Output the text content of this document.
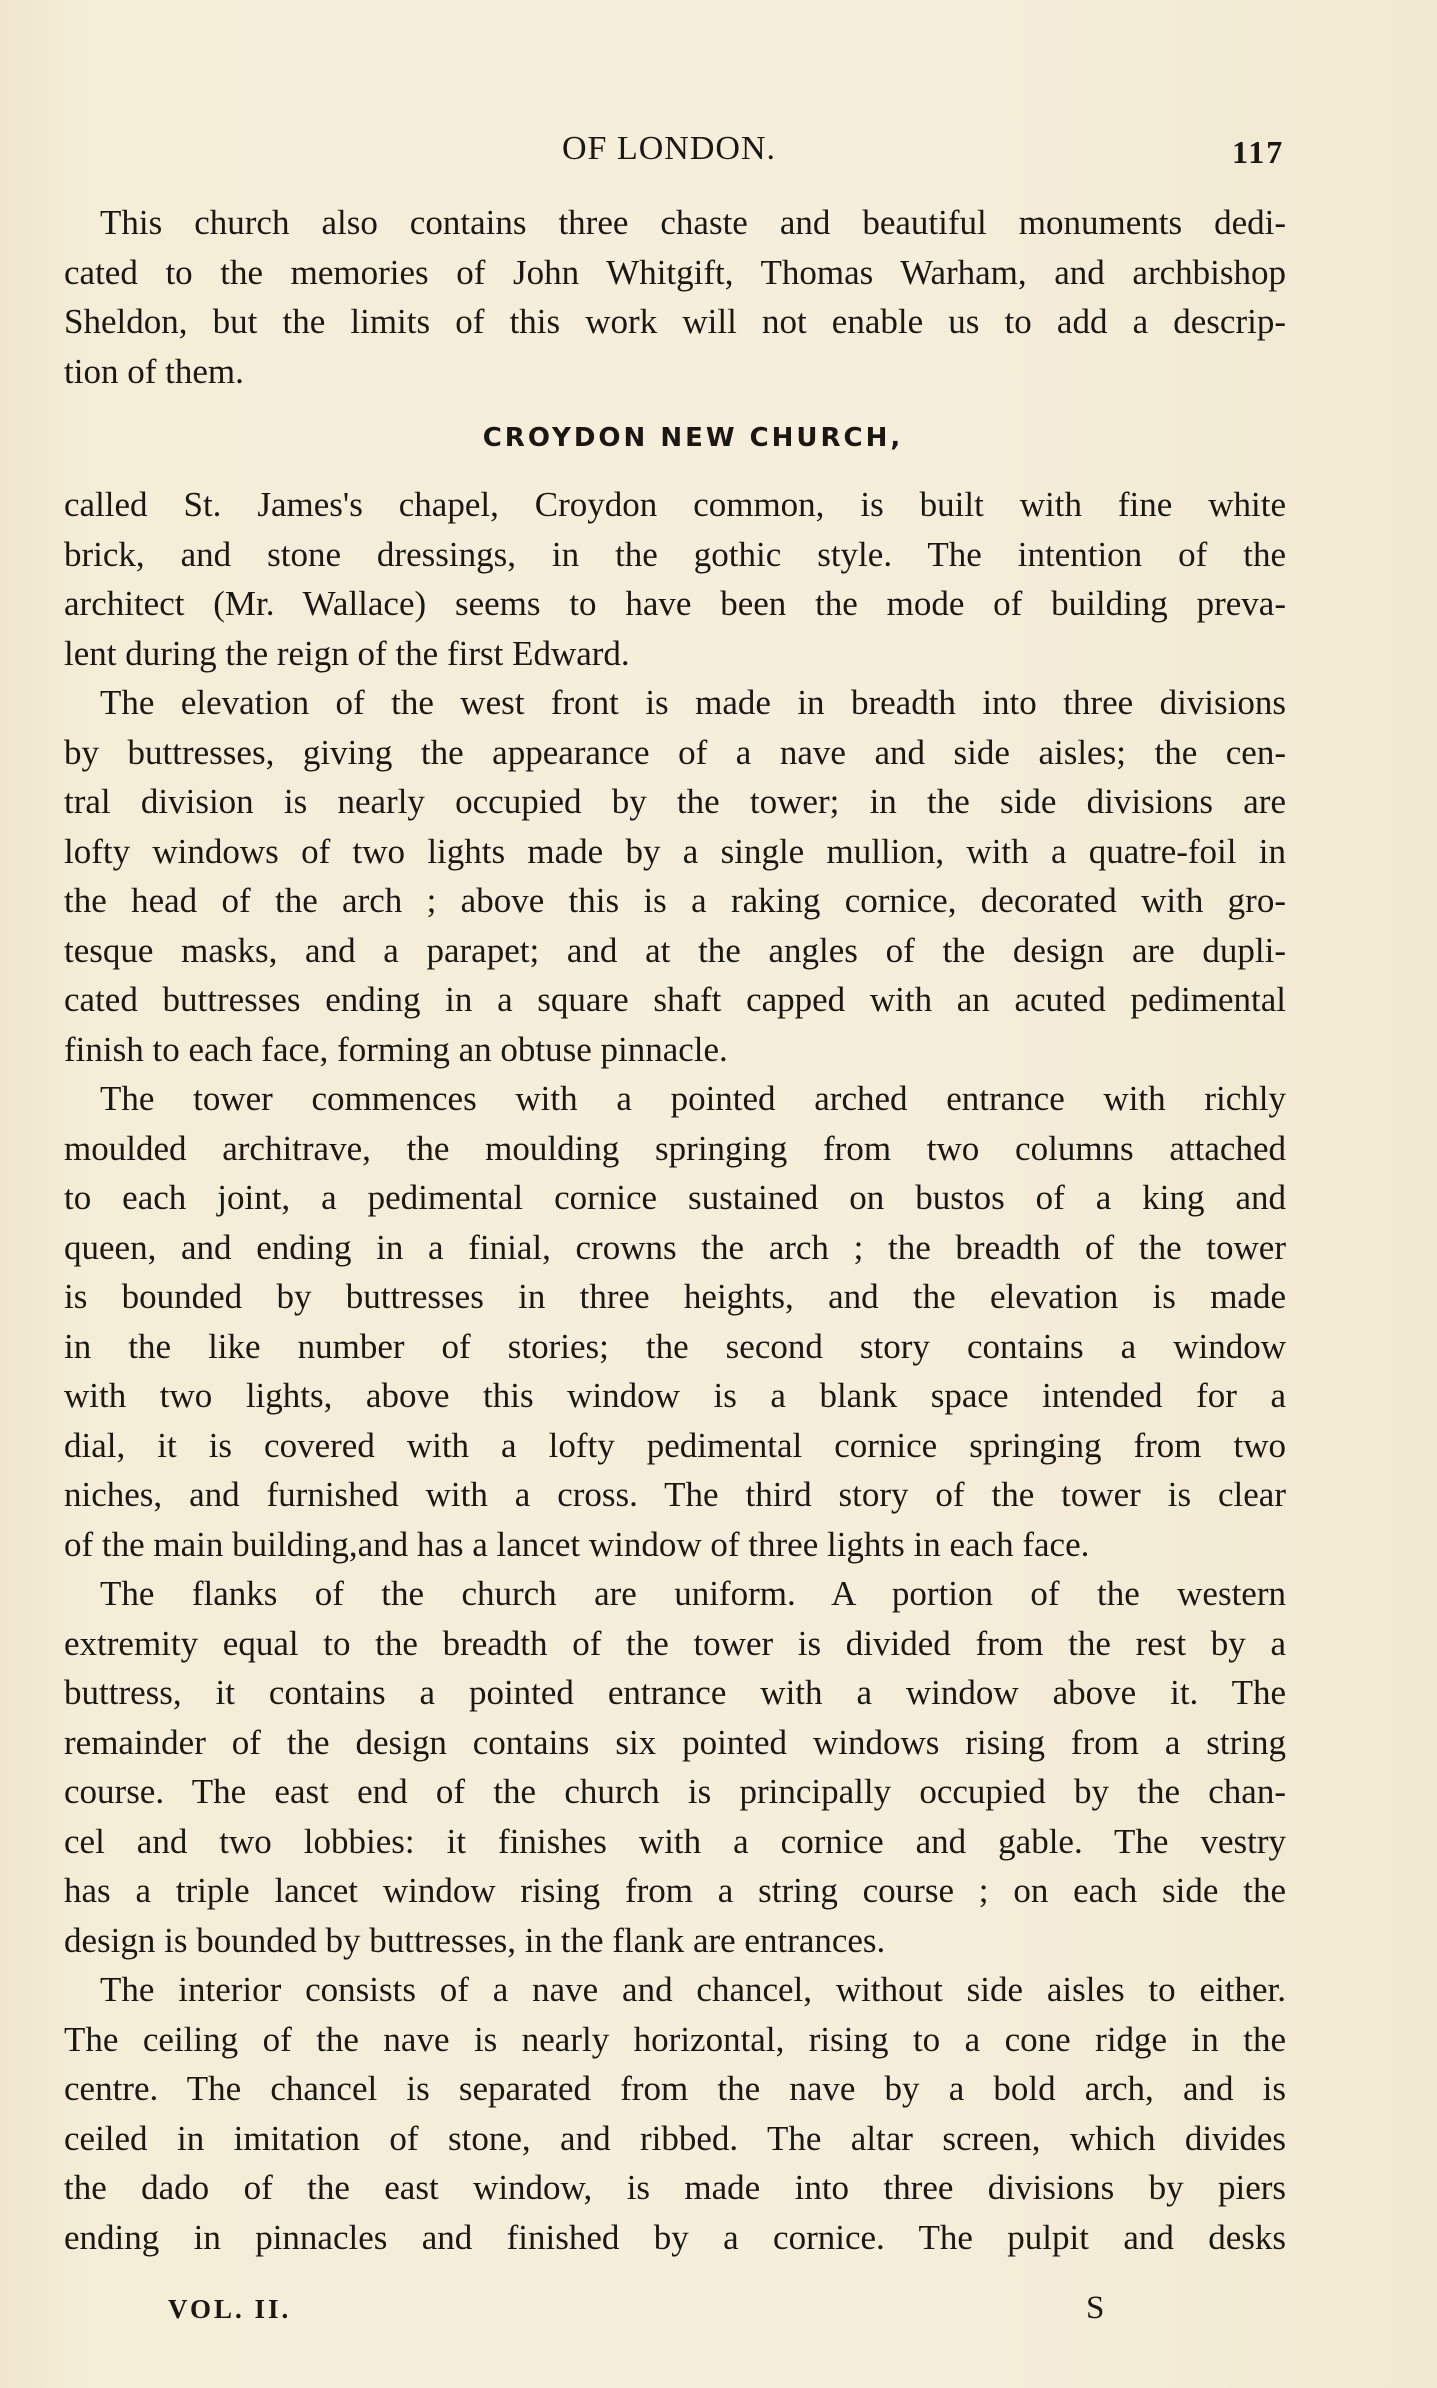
OF LONDON.	117
This church also contains three chaste and beautiful monuments dedi-
cated to the memories of John Whitgift, Thomas Warham, and archbishop
Sheldon, but the limits of this work will not enable us to add a descrip-
tion of them.
CROYDON NEW CHURCH,
called St. James's chapel, Croydon common, is built with fine white
brick, and stone dressings, in the gothic style. The intention of the
architect (Mr. Wallace) seems to have been the mode of building preva-
lent during the reign of the first Edward.
The elevation of the west front is made in breadth into three divisions
by buttresses, giving the appearance of a nave and side aisles; the cen-
tral division is nearly occupied by the tower; in the side divisions are
lofty windows of two lights made by a single mullion, with a quatre-foil in
the head of the arch ; above this is a raking cornice, decorated with gro-
tesque masks, and a parapet; and at the angles of the design are dupli-
cated buttresses ending in a square shaft capped with an acuted pedimental
finish to each face, forming an obtuse pinnacle.
The tower commences with a pointed arched entrance with richly
moulded architrave, the moulding springing from two columns attached
to each joint, a pedimental cornice sustained on bustos of a king and
queen, and ending in a finial, crowns the arch ; the breadth of the tower
is bounded by buttresses in three heights, and the elevation is made
in the like number of stories; the second story contains a window
with two lights, above this window is a blank space intended for a
dial, it is covered with a lofty pedimental cornice springing from two
niches, and furnished with a cross. The third story of the tower is clear
of the main building,and has a lancet window of three lights in each face.
The flanks of the church are uniform. A portion of the western
extremity equal to the breadth of the tower is divided from the rest by a
buttress, it contains a pointed entrance with a window above it. The
remainder of the design contains six pointed windows rising from a string
course. The east end of the church is principally occupied by the chan-
cel and two lobbies: it finishes with a cornice and gable. The vestry
has a triple lancet window rising from a string course ; on each side the
design is bounded by buttresses, in the flank are entrances.
The interior consists of a nave and chancel, without side aisles to either.
The ceiling of the nave is nearly horizontal, rising to a cone ridge in the
centre. The chancel is separated from the nave by a bold arch, and is
ceiled in imitation of stone, and ribbed. The altar screen, which divides
the dado of the east window, is made into three divisions by piers
ending in pinnacles and finished by a cornice. The pulpit and desks
VOL. II.	S
